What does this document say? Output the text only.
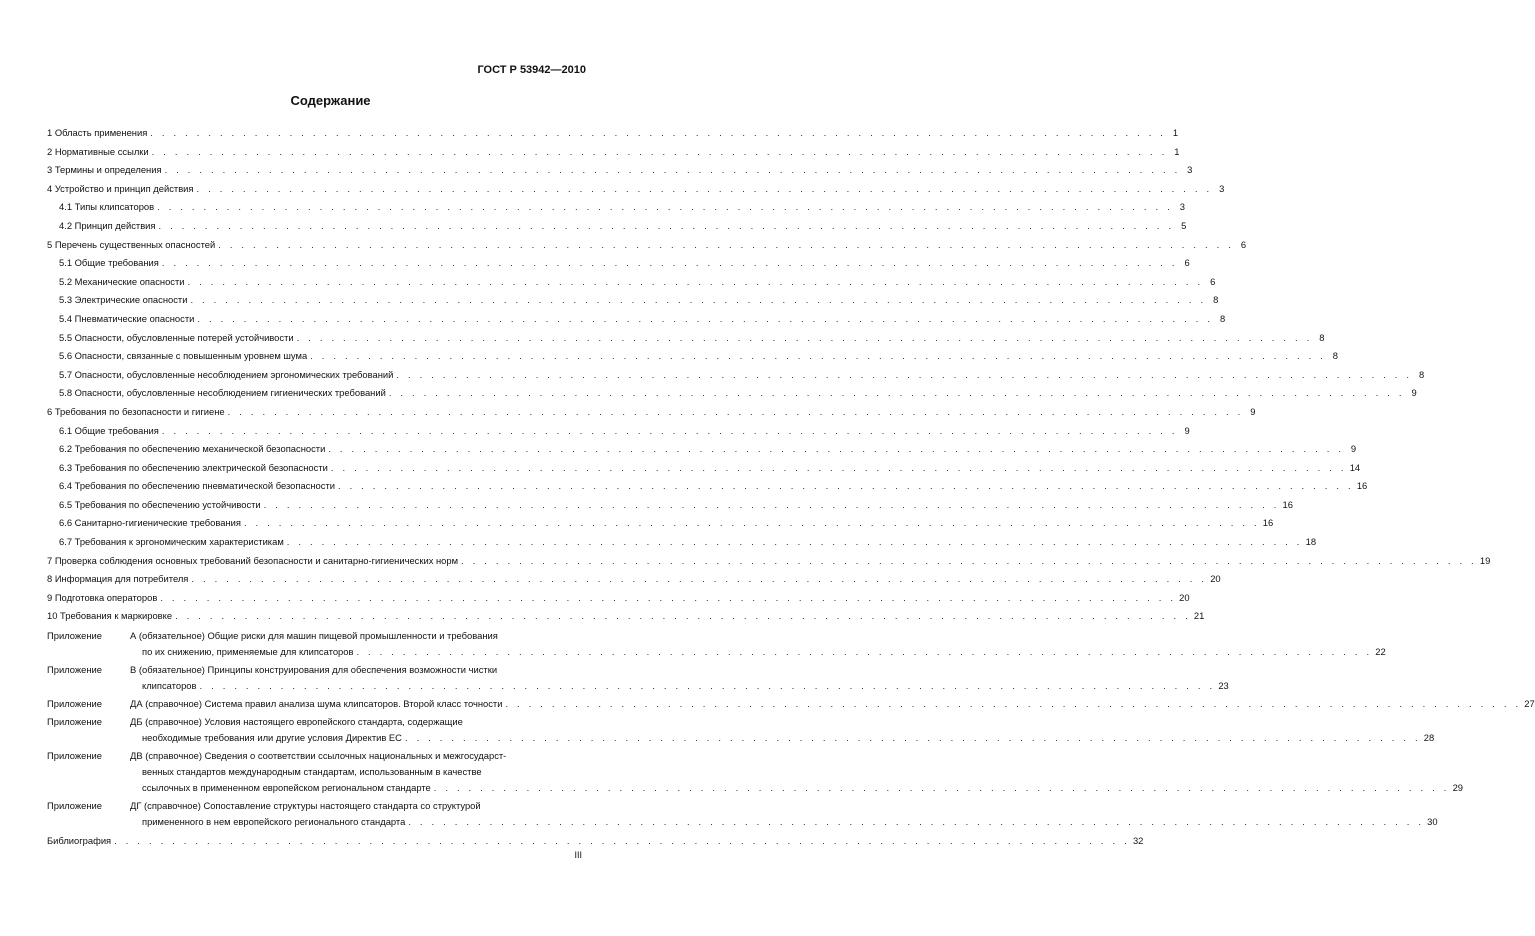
ГОСТ Р 53942—2010
Содержание
1 Область применения . . . . . . . . . . . . . . . . . . . . . . . . . . . . . . . . . . . . . . . . . . . . . . . . . . . . . . . . . . . . . . . . . . . . . . . . . . . . . . . . . . . . . . . . 1
2 Нормативные ссылки . . . . . . . . . . . . . . . . . . . . . . . . . . . . . . . . . . . . . . . . . . . . . . . . . . . . . . . . . . . . . . . . . . . . . . . . . . . . . . . . . . . . . . . . 1
3 Термины и определения . . . . . . . . . . . . . . . . . . . . . . . . . . . . . . . . . . . . . . . . . . . . . . . . . . . . . . . . . . . . . . . . . . . . . . . . . . . . . . . . . . . . . . . . 3
4 Устройство и принцип действия . . . . . . . . . . . . . . . . . . . . . . . . . . . . . . . . . . . . . . . . . . . . . . . . . . . . . . . . . . . . . . . . . . . . . . . . . . . . . . . . . . . . . . . . 3
4.1 Типы клипсаторов . . . . . . . . . . . . . . . . . . . . . . . . . . . . . . . . . . . . . . . . . . . . . . . . . . . . . . . . . . . . . . . . . . . . . . . . . . . . . . . . . . . . . . . . 3
4.2 Принцип действия . . . . . . . . . . . . . . . . . . . . . . . . . . . . . . . . . . . . . . . . . . . . . . . . . . . . . . . . . . . . . . . . . . . . . . . . . . . . . . . . . . . . . . . . 5
5 Перечень существенных опасностей . . . . . . . . . . . . . . . . . . . . . . . . . . . . . . . . . . . . . . . . . . . . . . . . . . . . . . . . . . . . . . . . . . . . . . . . . . . . . . . . . . . . . . . . 6
5.1 Общие требования . . . . . . . . . . . . . . . . . . . . . . . . . . . . . . . . . . . . . . . . . . . . . . . . . . . . . . . . . . . . . . . . . . . . . . . . . . . . . . . . . . . . . . . . 6
5.2 Механические опасности . . . . . . . . . . . . . . . . . . . . . . . . . . . . . . . . . . . . . . . . . . . . . . . . . . . . . . . . . . . . . . . . . . . . . . . . . . . . . . . . . . . . . . . . 6
5.3 Электрические опасности . . . . . . . . . . . . . . . . . . . . . . . . . . . . . . . . . . . . . . . . . . . . . . . . . . . . . . . . . . . . . . . . . . . . . . . . . . . . . . . . . . . . . . . . 8
5.4 Пневматические опасности . . . . . . . . . . . . . . . . . . . . . . . . . . . . . . . . . . . . . . . . . . . . . . . . . . . . . . . . . . . . . . . . . . . . . . . . . . . . . . . . . . . . . . . . 8
5.5 Опасности, обусловленные потерей устойчивости . . . . . . . . . . . . . . . . . . . . . . . . . . . . . . . . . . . . . . . . . . . . . . . . . . . . . . . . . . . . . . . . . . . . . . . . . . . . . . . . . . . . . . . . 8
5.6 Опасности, связанные с повышенным уровнем шума . . . . . . . . . . . . . . . . . . . . . . . . . . . . . . . . . . . . . . . . . . . . . . . . . . . . . . . . . . . . . . . . . . . . . . . . . . . . . . . . . . . . . . . . 8
5.7 Опасности, обусловленные несоблюдением эргономических требований . . . . . . . . . . . . . . . . . . . . . . . . . . . . . . . . . . . . . . . . . . . . . . . . . . . . . . . . . . . . . . . . . . . . . . . . . . . . . . . . . . . . . . . . 8
5.8 Опасности, обусловленные несоблюдением гигиенических требований . . . . . . . . . . . . . . . . . . . . . . . . . . . . . . . . . . . . . . . . . . . . . . . . . . . . . . . . . . . . . . . . . . . . . . . . . . . . . . . . . . . . . . . . 9
6 Требования по безопасности и гигиене . . . . . . . . . . . . . . . . . . . . . . . . . . . . . . . . . . . . . . . . . . . . . . . . . . . . . . . . . . . . . . . . . . . . . . . . . . . . . . . . . . . . . . . . 9
6.1 Общие требования . . . . . . . . . . . . . . . . . . . . . . . . . . . . . . . . . . . . . . . . . . . . . . . . . . . . . . . . . . . . . . . . . . . . . . . . . . . . . . . . . . . . . . . . 9
6.2 Требования по обеспечению механической безопасности . . . . . . . . . . . . . . . . . . . . . . . . . . . . . . . . . . . . . . . . . . . . . . . . . . . . . . . . . . . . . . . . . . . . . . . . . . . . . . . . . . . . . . . . 9
6.3 Требования по обеспечению электрической безопасности . . . . . . . . . . . . . . . . . . . . . . . . . . . . . . . . . . . . . . . . . . . . . . . . . . . . . . . . . . . . . . . . . . . . . . . . . . . . . . . . . . . . . . . . 14
6.4 Требования по обеспечению пневматической безопасности . . . . . . . . . . . . . . . . . . . . . . . . . . . . . . . . . . . . . . . . . . . . . . . . . . . . . . . . . . . . . . . . . . . . . . . . . . . . . . . . . . . . . . . . 16
6.5 Требования по обеспечению устойчивости . . . . . . . . . . . . . . . . . . . . . . . . . . . . . . . . . . . . . . . . . . . . . . . . . . . . . . . . . . . . . . . . . . . . . . . . . . . . . . . . . . . . . . . . 16
6.6 Санитарно-гигиенические требования . . . . . . . . . . . . . . . . . . . . . . . . . . . . . . . . . . . . . . . . . . . . . . . . . . . . . . . . . . . . . . . . . . . . . . . . . . . . . . . . . . . . . . . . 16
6.7 Требования к эргономическим характеристикам . . . . . . . . . . . . . . . . . . . . . . . . . . . . . . . . . . . . . . . . . . . . . . . . . . . . . . . . . . . . . . . . . . . . . . . . . . . . . . . . . . . . . . . . 18
7 Проверка соблюдения основных требований безопасности и санитарно-гигиенических норм . . . . . . . . . . . . . . . . . . . . . . . . . . . . . . . . . . . . . . . . . . . . . . . . . . . . . . . . . . . . . . . . . . . . . . . . . . . . . . . . . . . . . . . . 19
8 Информация для потребителя . . . . . . . . . . . . . . . . . . . . . . . . . . . . . . . . . . . . . . . . . . . . . . . . . . . . . . . . . . . . . . . . . . . . . . . . . . . . . . . . . . . . . . . . 20
9 Подготовка операторов . . . . . . . . . . . . . . . . . . . . . . . . . . . . . . . . . . . . . . . . . . . . . . . . . . . . . . . . . . . . . . . . . . . . . . . . . . . . . . . . . . . . . . . . 20
10 Требования к маркировке . . . . . . . . . . . . . . . . . . . . . . . . . . . . . . . . . . . . . . . . . . . . . . . . . . . . . . . . . . . . . . . . . . . . . . . . . . . . . . . . . . . . . . . . 21
Приложение	А (обязательное) Общие риски для машин пищевой промышленности и требования
по их снижению, применяемые для клипсаторов . . . . . . . . . . . . . . . . . . . . . . . . . . . . . . . . . . . . . . . . . . . . . . . . . . . . . . . . . . . . . . . . . . . . . . . . . . . . . . . . . . . . . . . . 22
Приложение	В (обязательное) Принципы конструирования для обеспечения возможности чистки
клипсаторов . . . . . . . . . . . . . . . . . . . . . . . . . . . . . . . . . . . . . . . . . . . . . . . . . . . . . . . . . . . . . . . . . . . . . . . . . . . . . . . . . . . . . . . . 23
Приложение	ДА (справочное) Система правил анализа шума клипсаторов. Второй класс точности . . . . . . . . . . . . . . . . . . . . . . . . . . . . . . . . . . . . . . . . . . . . . . . . . . . . . . . . . . . . . . . . . . . . . . . . . . . . . . . . . . . . . . . . 27
Приложение	ДБ (справочное) Условия настоящего европейского стандарта, содержащие
необходимые требования или другие условия Директив ЕС . . . . . . . . . . . . . . . . . . . . . . . . . . . . . . . . . . . . . . . . . . . . . . . . . . . . . . . . . . . . . . . . . . . . . . . . . . . . . . . . . . . . . . . . 28
Приложение	ДВ (справочное) Сведения о соответствии ссылочных национальных и межгосударст-
венных стандартов международным стандартам, использованным в качестве
ссылочных в примененном европейском региональном стандарте . . . . . . . . . . . . . . . . . . . . . . . . . . . . . . . . . . . . . . . . . . . . . . . . . . . . . . . . . . . . . . . . . . . . . . . . . . . . . . . . . . . . . . . . 29
Приложение	ДГ (справочное) Сопоставление структуры настоящего стандарта со структурой
примененного в нем европейского регионального стандарта . . . . . . . . . . . . . . . . . . . . . . . . . . . . . . . . . . . . . . . . . . . . . . . . . . . . . . . . . . . . . . . . . . . . . . . . . . . . . . . . . . . . . . . . 30
Библиография . . . . . . . . . . . . . . . . . . . . . . . . . . . . . . . . . . . . . . . . . . . . . . . . . . . . . . . . . . . . . . . . . . . . . . . . . . . . . . . . . . . . . . . . 32
III
